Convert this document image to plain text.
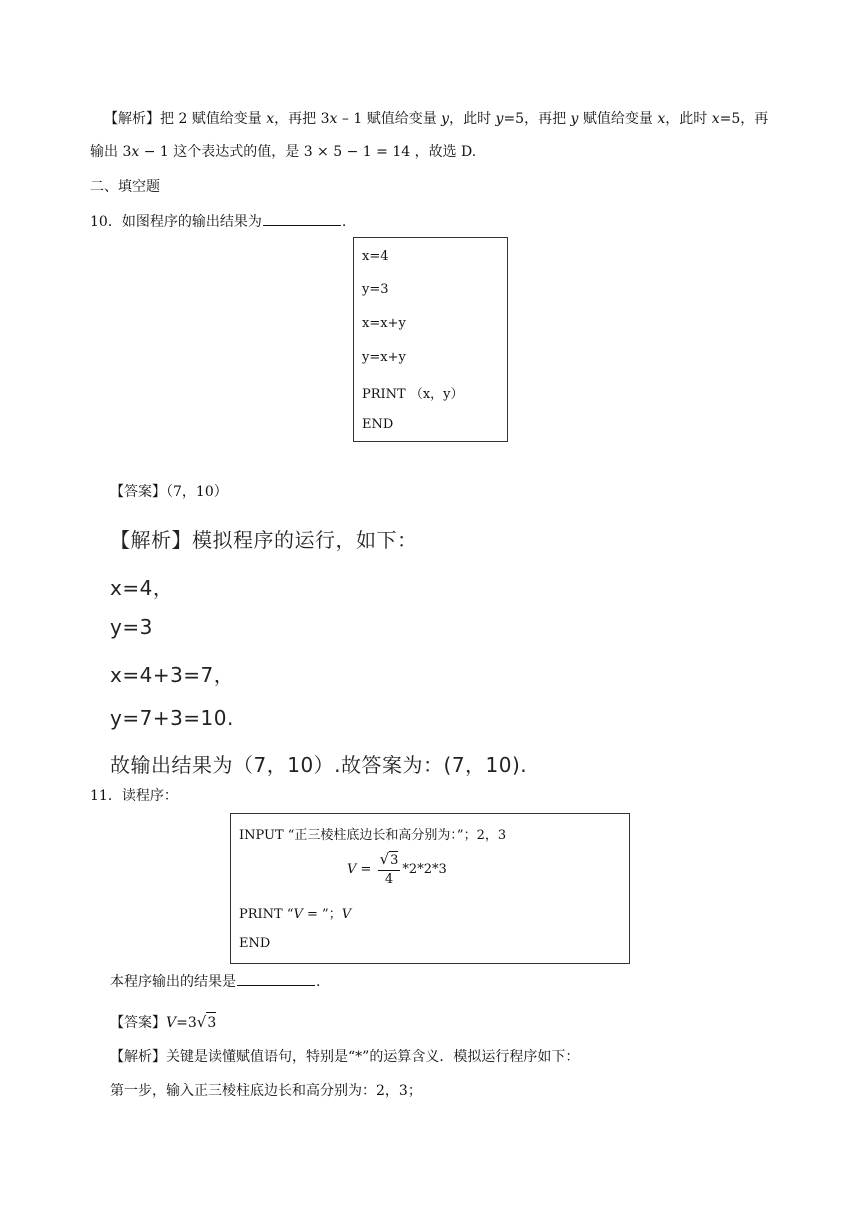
【解析】把 2 赋值给变量 x，再把 3x – 1 赋值给变量 y，此时 y=5，再把 y 赋值给变量 x，此时 x=5，再
输出 3x − 1 这个表达式的值，是 3 × 5 − 1 = 14 ，故选 D.
二、填空题
10．如图程序的输出结果为	.
x=4
y=3
x=x+y
y=x+y
PRINT （x，y）
END
【答案】（7，10）
【解析】模拟程序的运行，如下：
x=4，
y=3
x=4+3=7，
y=7+3=10.
故输出结果为（7，10）.故答案为：(7，10).
11．读程序：
INPUT “正三棱柱底边长和高分别为：”；2，3
$V = \frac{√3}{4} *2*2*3$
PRINT “V = ”；V
END
本程序输出的结果是	.
【答案】V=3√3
【解析】关键是读懂赋值语句，特别是“*”的运算含义．模拟运行程序如下：
第一步，输入正三棱柱底边长和高分别为：2，3；
